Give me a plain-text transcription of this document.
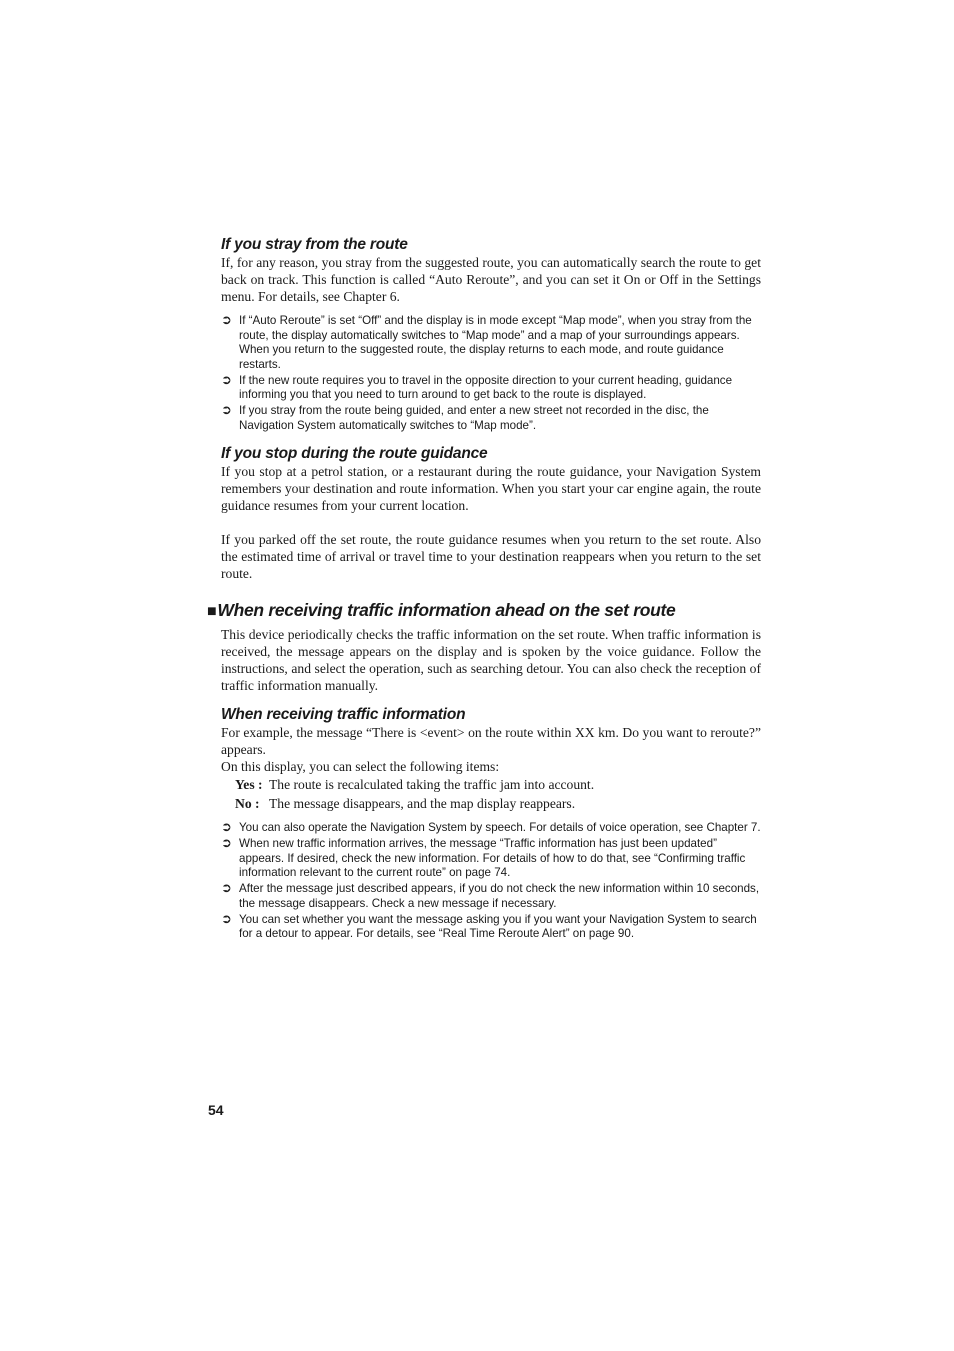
If you stray from the route

If, for any reason, you stray from the suggested route, you can automatically search the route to get back on track. This function is called “Auto Reroute”, and you can set it On or Off in the Settings menu. For details, see Chapter 6.

➲ If “Auto Reroute” is set “Off” and the display is in mode except “Map mode”, when you stray from the route, the display automatically switches to “Map mode” and a map of your surroundings appears. When you return to the suggested route, the display returns to each mode, and route guidance restarts.
➲ If the new route requires you to travel in the opposite direction to your current heading, guidance informing you that you need to turn around to get back to the route is displayed.
➲ If you stray from the route being guided, and enter a new street not recorded in the disc, the Navigation System automatically switches to “Map mode”.
If you stop during the route guidance

If you stop at a petrol station, or a restaurant during the route guidance, your Navigation System remembers your destination and route information. When you start your car engine again, the route guidance resumes from your current location.

If you parked off the set route, the route guidance resumes when you return to the set route. Also the estimated time of arrival or travel time to your destination reappears when you return to the set route.

■When receiving traffic information ahead on the set route

This device periodically checks the traffic information on the set route. When traffic information is received, the message appears on the display and is spoken by the voice guidance. Follow the instructions, and select the operation, such as searching detour. You can also check the reception of traffic information manually.

When receiving traffic information

For example, the message “There is <event> on the route within XX km. Do you want to reroute?” appears.

On this display, you can select the following items:

Yes : The route is recalculated taking the traffic jam into account.
No : The message disappears, and the map display reappears.
➲ You can also operate the Navigation System by speech. For details of voice operation, see Chapter 7.
➲ When new traffic information arrives, the message “Traffic information has just been updated” appears. If desired, check the new information. For details of how to do that, see “Confirming traffic information relevant to the current route” on page 74.
➲ After the message just described appears, if you do not check the new information within 10 seconds, the message disappears. Check a new message if necessary.
➲ You can set whether you want the message asking you if you want your Navigation System to search for a detour to appear. For details, see “Real Time Reroute Alert” on page 90.
54
